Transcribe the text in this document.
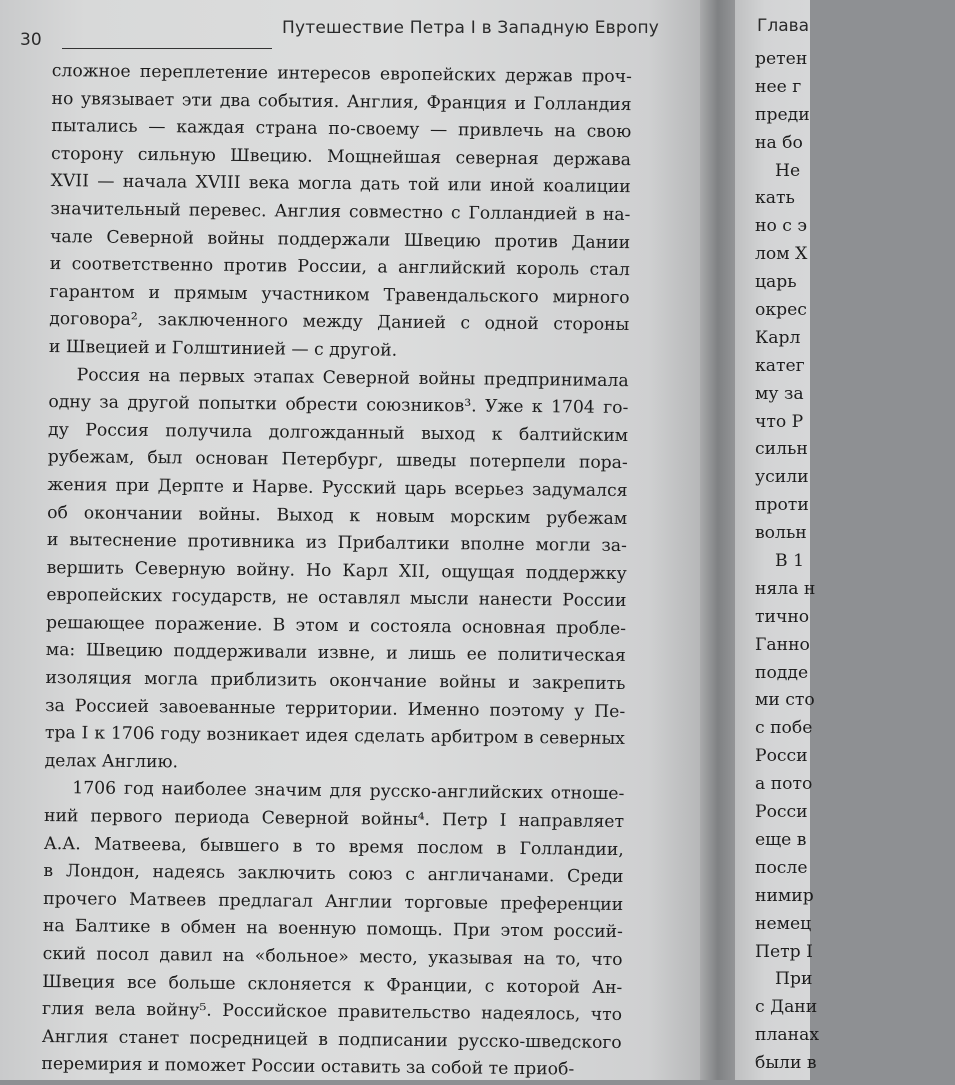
30
Путешествие Петра I в Западную Европу
сложное переплетение интересов европейских держав проч-
но увязывает эти два события. Англия, Франция и Голландия
пытались — каждая страна по-своему — привлечь на свою
сторону сильную Швецию. Мощнейшая северная держава
XVII — начала XVIII века могла дать той или иной коалиции
значительный перевес. Англия совместно с Голландией в на-
чале Северной войны поддержали Швецию против Дании
и соответственно против России, а английский король стал
гарантом и прямым участником Травендальского мирного
договора², заключенного между Данией с одной стороны
и Швецией и Голштинией — с другой.
Россия на первых этапах Северной войны предпринимала
одну за другой попытки обрести союзников³. Уже к 1704 го-
ду Россия получила долгожданный выход к балтийским
рубежам, был основан Петербург, шведы потерпели пора-
жения при Дерпте и Нарве. Русский царь всерьез задумался
об окончании войны. Выход к новым морским рубежам
и вытеснение противника из Прибалтики вполне могли за-
вершить Северную войну. Но Карл XII, ощущая поддержку
европейских государств, не оставлял мысли нанести России
решающее поражение. В этом и состояла основная пробле-
ма: Швецию поддерживали извне, и лишь ее политическая
изоляция могла приблизить окончание войны и закрепить
за Россией завоеванные территории. Именно поэтому у Пе-
тра I к 1706 году возникает идея сделать арбитром в северных
делах Англию.
1706 год наиболее значим для русско-английских отноше-
ний первого периода Северной войны⁴. Петр I направляет
А.А. Матвеева, бывшего в то время послом в Голландии,
в Лондон, надеясь заключить союз с англичанами. Среди
прочего Матвеев предлагал Англии торговые преференции
на Балтике в обмен на военную помощь. При этом россий-
ский посол давил на «больное» место, указывая на то, что
Швеция все больше склоняется к Франции, с которой Ан-
глия вела войну⁵. Российское правительство надеялось, что
Англия станет посредницей в подписании русско-шведского
перемирия и поможет России оставить за собой те приоб-
Глава
ретен
нее г
преди
на бо
Не
кать
но с э
лом Х
царь
окрес
Карл
катег
му за
что Р
сильн
усили
проти
вольн
В 1
няла н
тично
Ганно
подде
ми сто
с побе
Росси
а пото
Росси
еще в
после
нимир
немец
Петр I
При
с Дани
планах
были в
